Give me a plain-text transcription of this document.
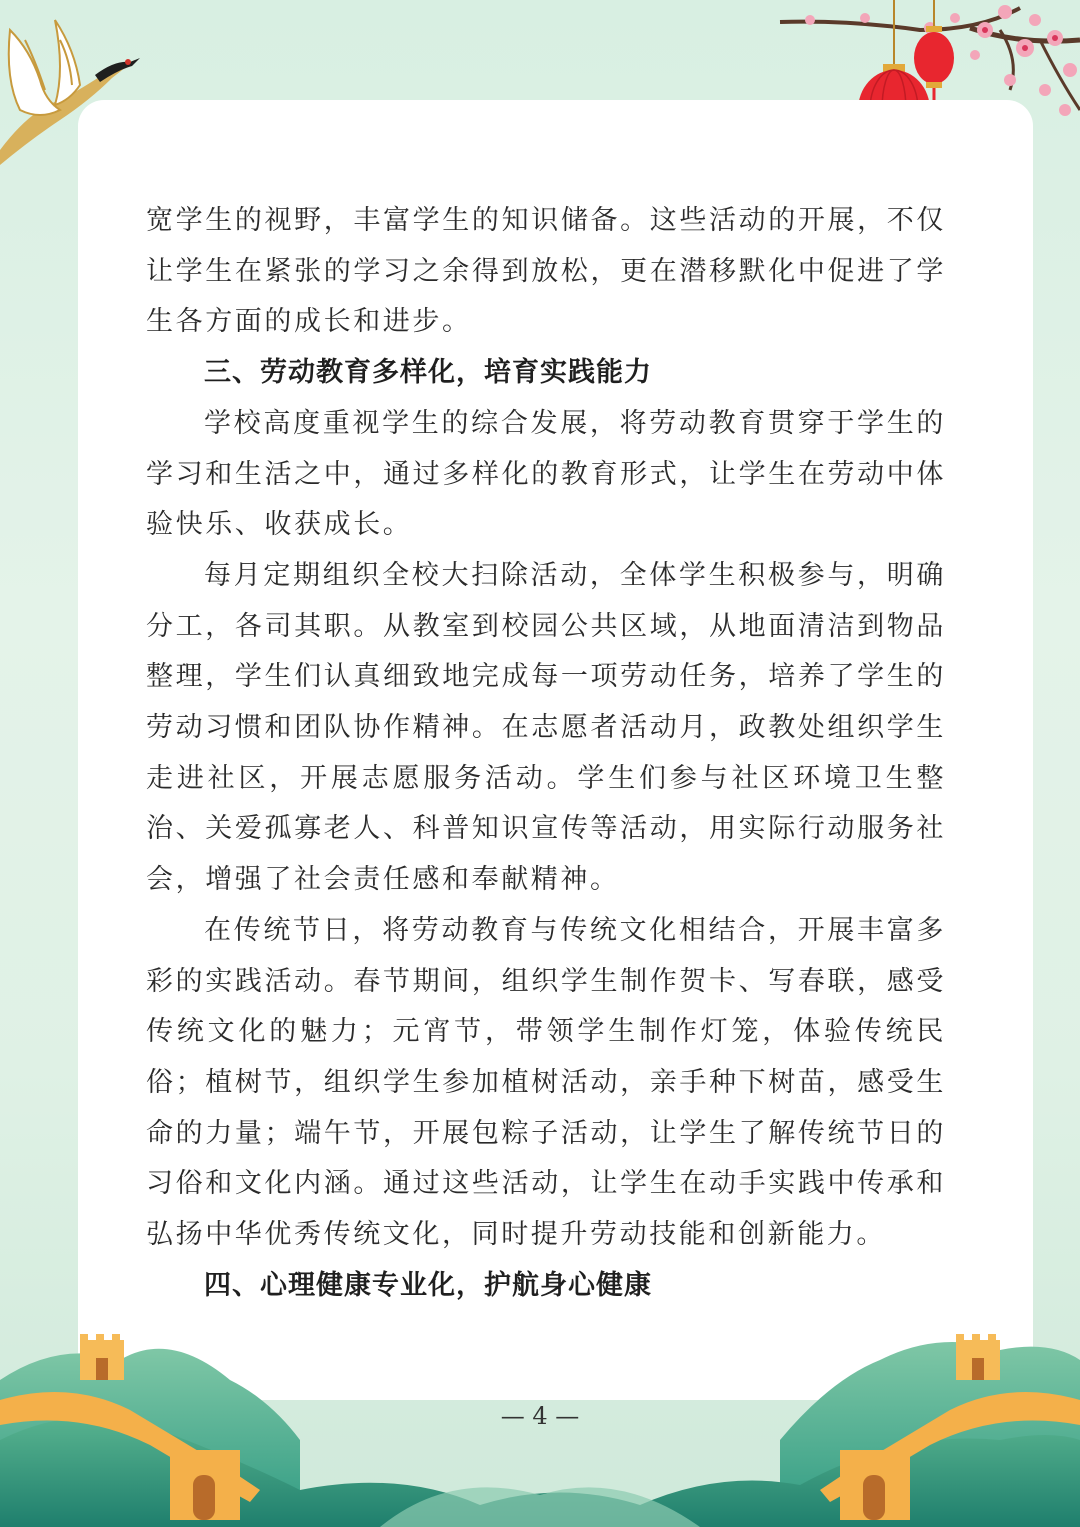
宽学生的视野，丰富学生的知识储备。这些活动的开展，不仅让学生在紧张的学习之余得到放松，更在潜移默化中促进了学生各方面的成长和进步。

三、劳动教育多样化，培育实践能力

学校高度重视学生的综合发展，将劳动教育贯穿于学生的学习和生活之中，通过多样化的教育形式，让学生在劳动中体验快乐、收获成长。

每月定期组织全校大扫除活动，全体学生积极参与，明确分工，各司其职。从教室到校园公共区域，从地面清洁到物品整理，学生们认真细致地完成每一项劳动任务，培养了学生的劳动习惯和团队协作精神。在志愿者活动月，政教处组织学生走进社区，开展志愿服务活动。学生们参与社区环境卫生整治、关爱孤寡老人、科普知识宣传等活动，用实际行动服务社会，增强了社会责任感和奉献精神。

在传统节日，将劳动教育与传统文化相结合，开展丰富多彩的实践活动。春节期间，组织学生制作贺卡、写春联，感受传统文化的魅力；元宵节，带领学生制作灯笼，体验传统民俗；植树节，组织学生参加植树活动，亲手种下树苗，感受生命的力量；端午节，开展包粽子活动，让学生了解传统节日的习俗和文化内涵。通过这些活动，让学生在动手实践中传承和弘扬中华优秀传统文化，同时提升劳动技能和创新能力。

四、心理健康专业化，护航身心健康
— 4 —
